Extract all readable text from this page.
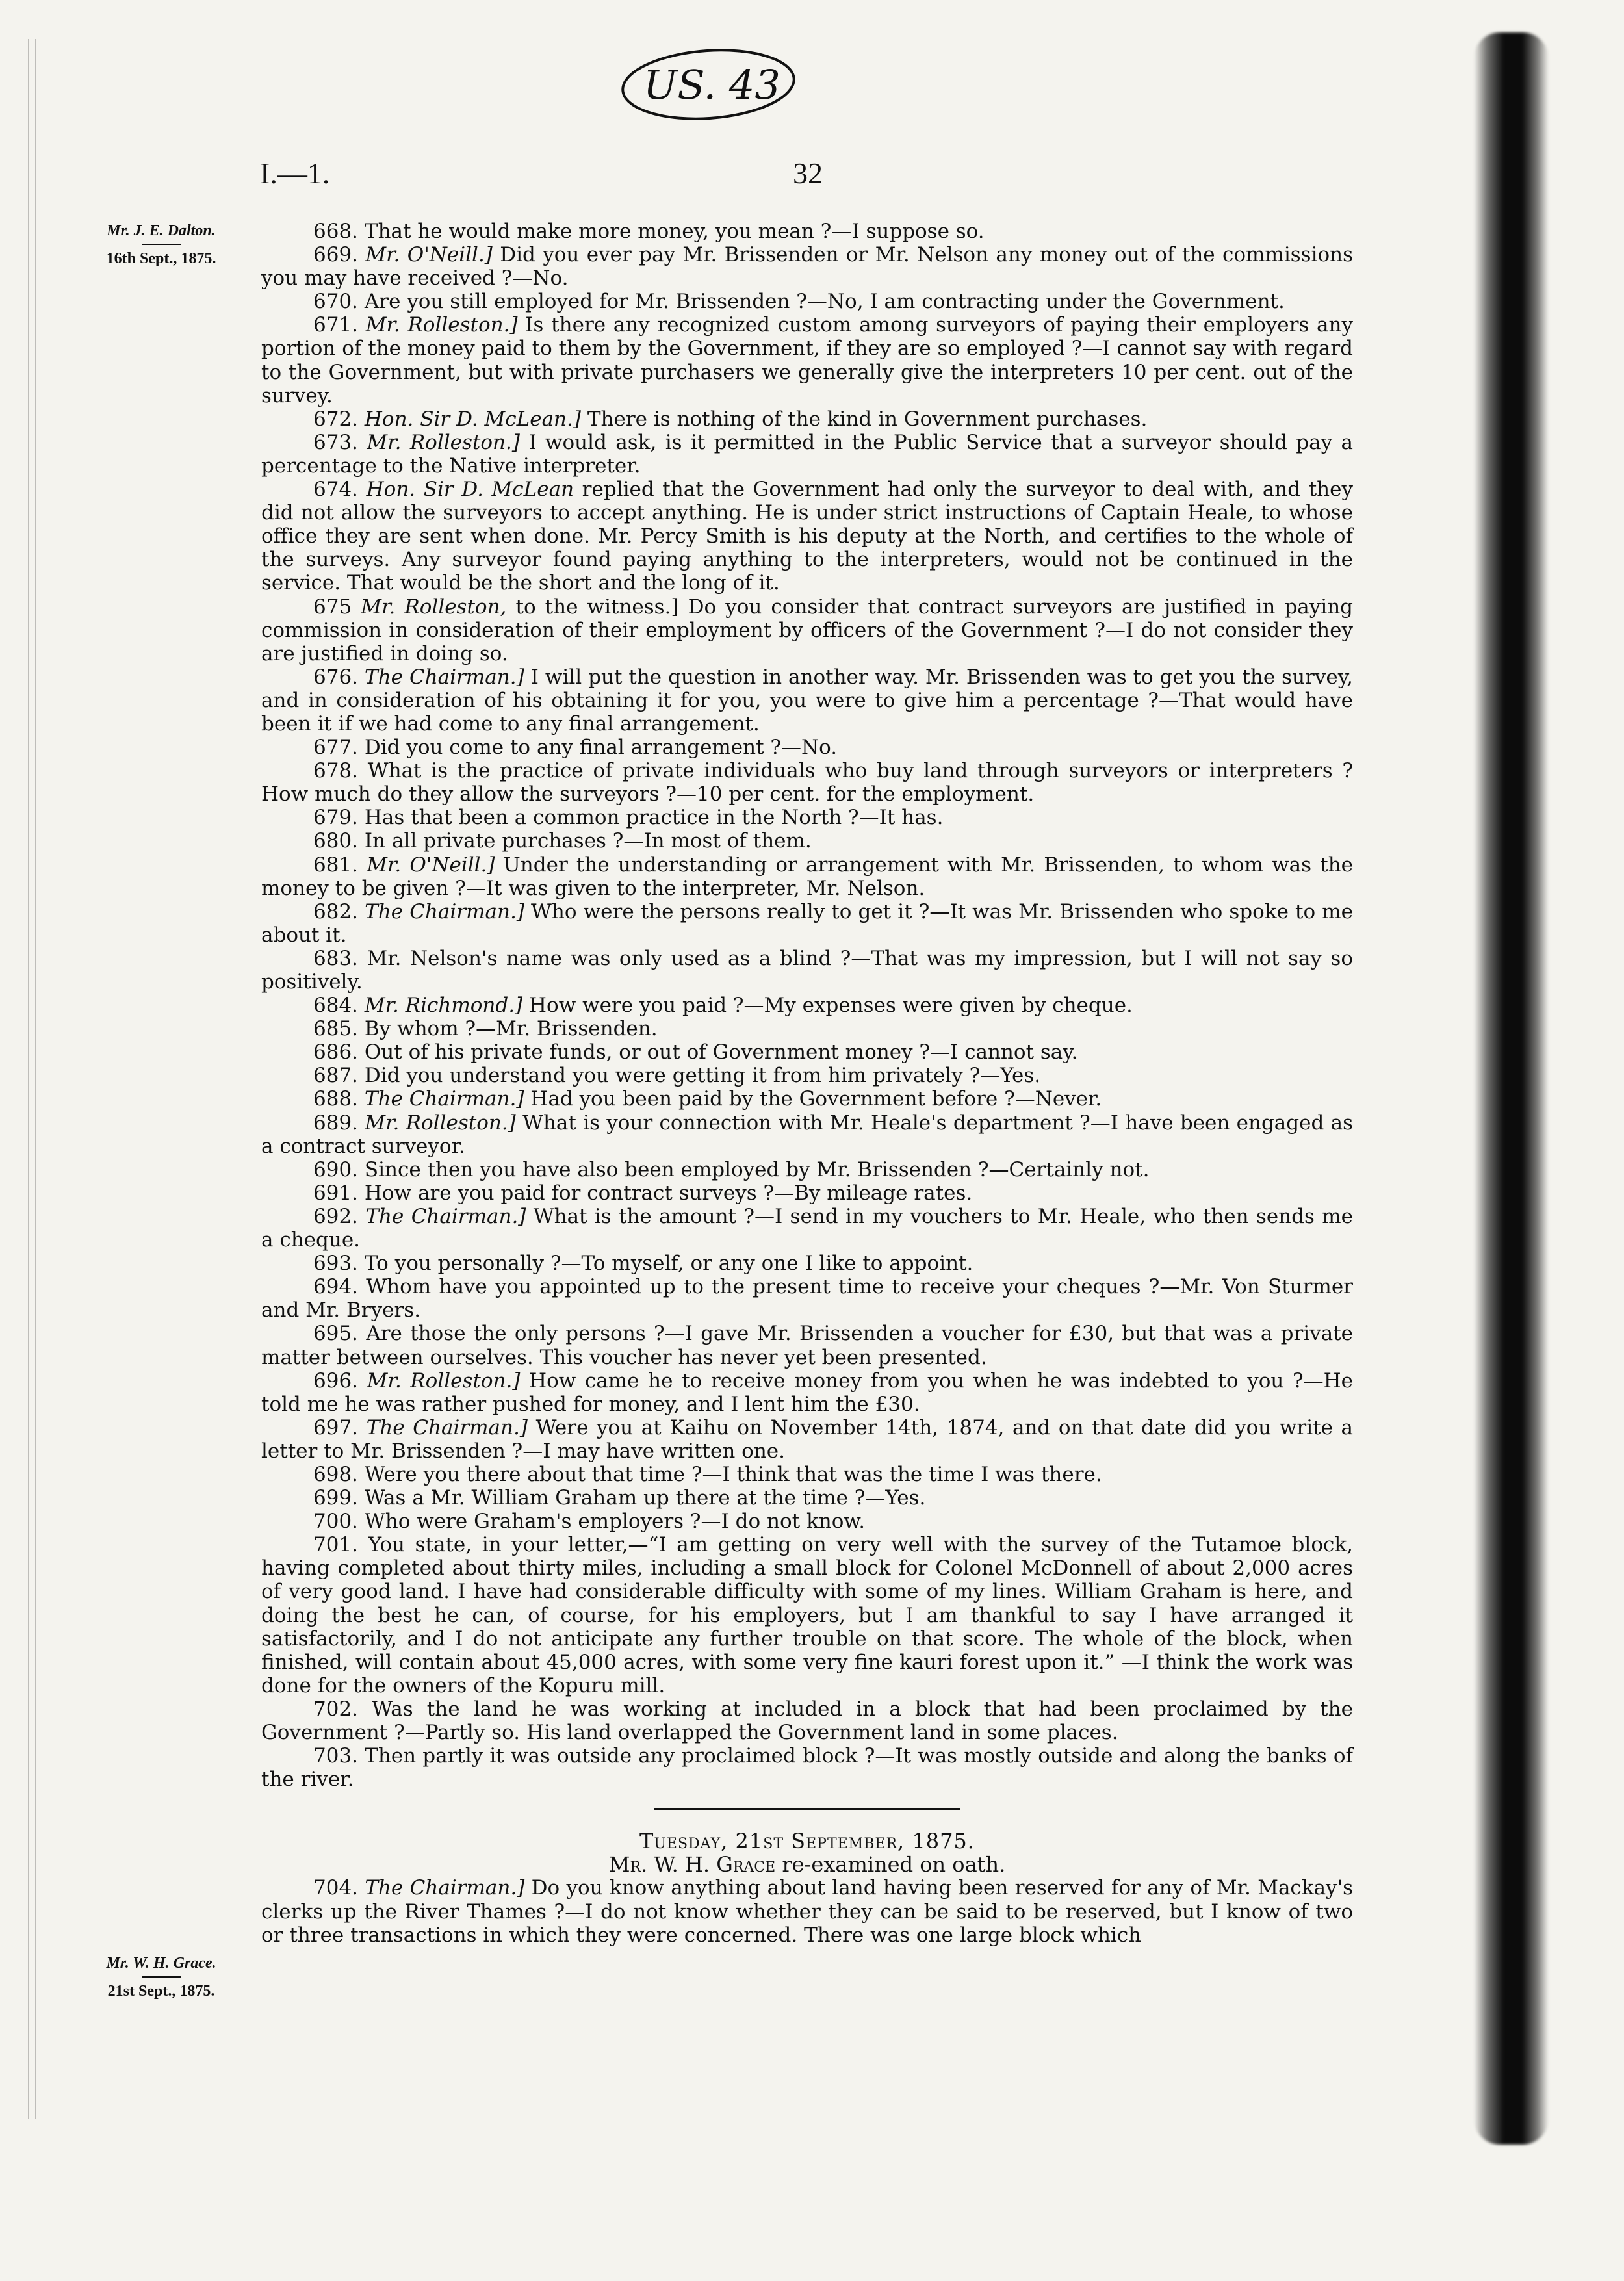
US. 43
I.—1.	32
Mr. J. E. Dalton.
16th Sept., 1875.
Mr. W. H. Grace.
21st Sept., 1875.

668. That he would make more money, you mean ?—I suppose so.

669. Mr. O'Neill.] Did you ever pay Mr. Brissenden or Mr. Nelson any money out of the commissions you may have received ?—No.

670. Are you still employed for Mr. Brissenden ?—No, I am contracting under the Government.

671. Mr. Rolleston.] Is there any recognized custom among surveyors of paying their employers any portion of the money paid to them by the Government, if they are so employed ?—I cannot say with regard to the Government, but with private purchasers we generally give the interpreters 10 per cent. out of the survey.

672. Hon. Sir D. McLean.] There is nothing of the kind in Government purchases.

673. Mr. Rolleston.] I would ask, is it permitted in the Public Service that a surveyor should pay a percentage to the Native interpreter.

674. Hon. Sir D. McLean replied that the Government had only the surveyor to deal with, and they did not allow the surveyors to accept anything. He is under strict instructions of Captain Heale, to whose office they are sent when done. Mr. Percy Smith is his deputy at the North, and certifies to the whole of the surveys. Any surveyor found paying anything to the interpreters, would not be continued in the service. That would be the short and the long of it.

675 Mr. Rolleston, to the witness.] Do you consider that contract surveyors are justified in paying commission in consideration of their employment by officers of the Government ?—I do not consider they are justified in doing so.

676. The Chairman.] I will put the question in another way. Mr. Brissenden was to get you the survey, and in consideration of his obtaining it for you, you were to give him a percentage ?—That would have been it if we had come to any final arrangement.

677. Did you come to any final arrangement ?—No.

678. What is the practice of private individuals who buy land through surveyors or interpreters ? How much do they allow the surveyors ?—10 per cent. for the employment.

679. Has that been a common practice in the North ?—It has.

680. In all private purchases ?—In most of them.

681. Mr. O'Neill.] Under the understanding or arrangement with Mr. Brissenden, to whom was the money to be given ?—It was given to the interpreter, Mr. Nelson.

682. The Chairman.] Who were the persons really to get it ?—It was Mr. Brissenden who spoke to me about it.

683. Mr. Nelson's name was only used as a blind ?—That was my impression, but I will not say so positively.

684. Mr. Richmond.] How were you paid ?—My expenses were given by cheque.

685. By whom ?—Mr. Brissenden.

686. Out of his private funds, or out of Government money ?—I cannot say.

687. Did you understand you were getting it from him privately ?—Yes.

688. The Chairman.] Had you been paid by the Government before ?—Never.

689. Mr. Rolleston.] What is your connection with Mr. Heale's department ?—I have been engaged as a contract surveyor.

690. Since then you have also been employed by Mr. Brissenden ?—Certainly not.

691. How are you paid for contract surveys ?—By mileage rates.

692. The Chairman.] What is the amount ?—I send in my vouchers to Mr. Heale, who then sends me a cheque.

693. To you personally ?—To myself, or any one I like to appoint.

694. Whom have you appointed up to the present time to receive your cheques ?—Mr. Von Sturmer and Mr. Bryers.

695. Are those the only persons ?—I gave Mr. Brissenden a voucher for £30, but that was a private matter between ourselves. This voucher has never yet been presented.

696. Mr. Rolleston.] How came he to receive money from you when he was indebted to you ?—He told me he was rather pushed for money, and I lent him the £30.

697. The Chairman.] Were you at Kaihu on November 14th, 1874, and on that date did you write a letter to Mr. Brissenden ?—I may have written one.

698. Were you there about that time ?—I think that was the time I was there.

699. Was a Mr. William Graham up there at the time ?—Yes.

700. Who were Graham's employers ?—I do not know.

701. You state, in your letter,—“I am getting on very well with the survey of the Tutamoe block, having completed about thirty miles, including a small block for Colonel McDonnell of about 2,000 acres of very good land. I have had considerable difficulty with some of my lines. William Graham is here, and doing the best he can, of course, for his employers, but I am thankful to say I have arranged it satisfactorily, and I do not anticipate any further trouble on that score. The whole of the block, when finished, will contain about 45,000 acres, with some very fine kauri forest upon it.” —I think the work was done for the owners of the Kopuru mill.

702. Was the land he was working at included in a block that had been proclaimed by the Government ?—Partly so. His land overlapped the Government land in some places.

703. Then partly it was outside any proclaimed block ?—It was mostly outside and along the banks of the river.

Tuesday, 21st September, 1875.

Mr. W. H. Grace re-examined on oath.

704. The Chairman.] Do you know anything about land having been reserved for any of Mr. Mackay's clerks up the River Thames ?—I do not know whether they can be said to be reserved, but I know of two or three transactions in which they were concerned. There was one large block which
